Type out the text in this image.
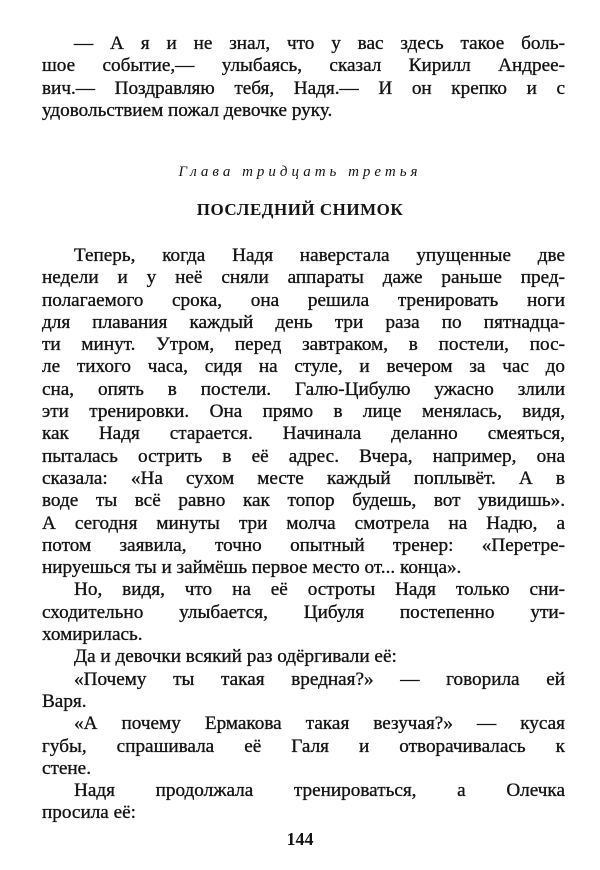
— А я и не знал, что у вас здесь такое боль-
шое событие,— улыбаясь, сказал Кирилл Андрее-
вич.— Поздравляю тебя, Надя.— И он крепко и с
удовольствием пожал девочке руку.
Глава тридцать третья
ПОСЛЕДНИЙ СНИМОК
Теперь, когда Надя наверстала упущенные две
недели и у неё сняли аппараты даже раньше пред-
полагаемого срока, она решила тренировать ноги
для плавания каждый день три раза по пятнадца-
ти минут. Утром, перед завтраком, в постели, пос-
ле тихого часа, сидя на стуле, и вечером за час до
сна, опять в постели. Галю-Цибулю ужасно злили
эти тренировки. Она прямо в лице менялась, видя,
как Надя старается. Начинала деланно смеяться,
пыталась острить в её адрес. Вчера, например, она
сказала: «На сухом месте каждый поплывёт. А в
воде ты всё равно как топор будешь, вот увидишь».
А сегодня минуты три молча смотрела на Надю, а
потом заявила, точно опытный тренер: «Перетре-
нируешься ты и займёшь первое место от... конца».
Но, видя, что на её остроты Надя только сни-
сходительно улыбается, Цибуля постепенно ути-
хомирилась.
Да и девочки всякий раз одёргивали её:
«Почему ты такая вредная?» — говорила ей
Варя.
«А почему Ермакова такая везучая?» — кусая
губы, спрашивала её Галя и отворачивалась к
стене.
Надя продолжала тренироваться, а Олечка
просила её:
144
